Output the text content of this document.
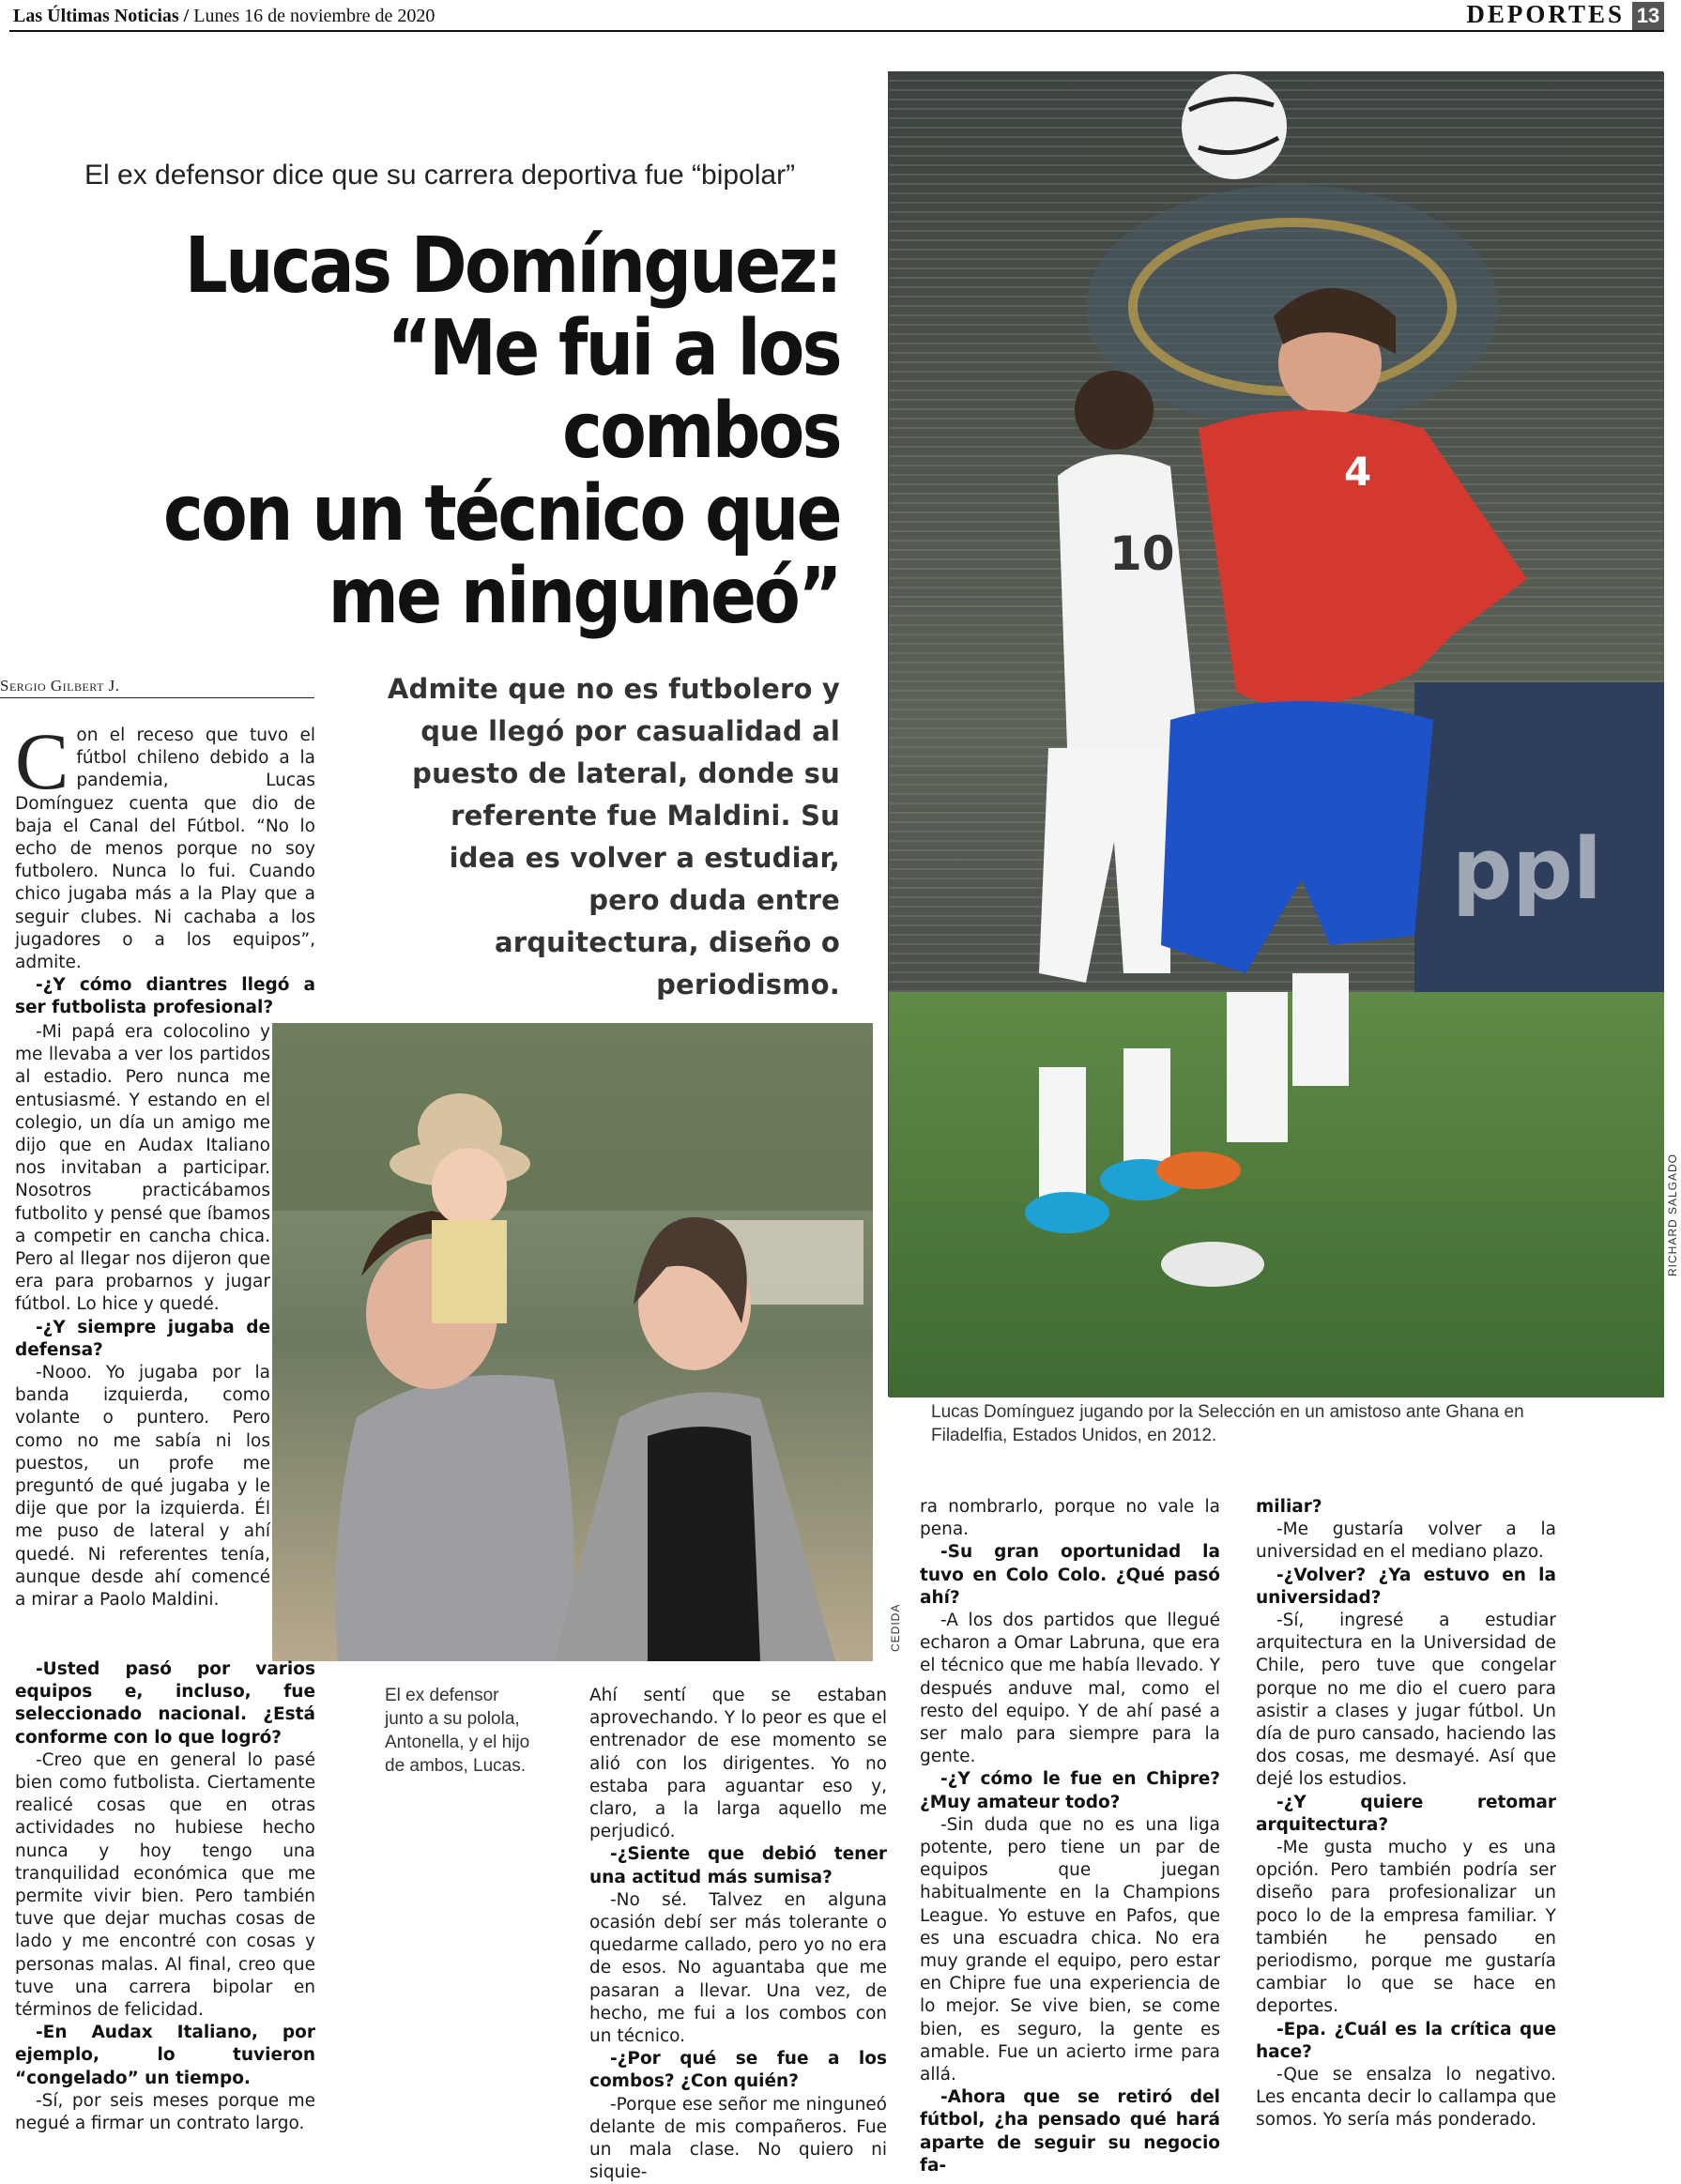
Las Últimas Noticias / Lunes 16 de noviembre de 2020	DEPORTES 13
El ex defensor dice que su carrera deportiva fue “bipolar”
Lucas Domínguez:
“Me fui a los combos
con un técnico que
me ninguneó”
Sergio Gilbert J.	Admite que no es futbolero y que llegó por casualidad al puesto de lateral, donde su referente fue Maldini. Su idea es volver a estudiar, pero duda entre arquitectura, diseño o periodismo.
ppl
10
4
RICHARD SALGADO
Lucas Domínguez jugando por la Selección en un amistoso ante Ghana en Filadelfia, Estados Unidos, en 2012.
CEDIDA
El ex defensor junto a su polola, Antonella, y el hijo de ambos, Lucas.

Con el receso que tuvo el fútbol chileno debido a la pandemia, Lucas Domínguez cuenta que dio de baja el Canal del Fútbol. “No lo echo de menos porque no soy futbolero. Nunca lo fui. Cuando chico jugaba más a la Play que a seguir clubes. Ni cachaba a los jugadores o a los equipos”, admite.

-¿Y cómo diantres llegó a ser futbolista profesional?

-Mi papá era colocolino y me llevaba a ver los partidos al estadio. Pero nunca me entusiasmé. Y estando en el colegio, un día un amigo me dijo que en Audax Italiano nos invitaban a participar. Nosotros practicábamos futbolito y pensé que íbamos a competir en cancha chica. Pero al llegar nos dijeron que era para probarnos y jugar fútbol. Lo hice y quedé.

-¿Y siempre jugaba de defensa?

-Nooo. Yo jugaba por la banda izquierda, como volante o puntero. Pero como no me sabía ni los puestos, un profe me preguntó de qué jugaba y le dije que por la izquierda. Él me puso de lateral y ahí quedé. Ni referentes tenía, aunque desde ahí comencé a mirar a Paolo Maldini.

-Usted pasó por varios equipos e, incluso, fue seleccionado nacional. ¿Está conforme con lo que logró?

-Creo que en general lo pasé bien como futbolista. Ciertamente realicé cosas que en otras actividades no hubiese hecho nunca y hoy tengo una tranquilidad económica que me permite vivir bien. Pero también tuve que dejar muchas cosas de lado y me encontré con cosas y personas malas. Al final, creo que tuve una carrera bipolar en términos de felicidad.

-En Audax Italiano, por ejemplo, lo tuvieron “congelado” un tiempo.

-Sí, por seis meses porque me negué a firmar un contrato largo.

Ahí sentí que se estaban aprovechando. Y lo peor es que el entrenador de ese momento se alió con los dirigentes. Yo no estaba para aguantar eso y, claro, a la larga aquello me perjudicó.

-¿Siente que debió tener una actitud más sumisa?

-No sé. Talvez en alguna ocasión debí ser más tolerante o quedarme callado, pero yo no era de esos. No aguantaba que me pasaran a llevar. Una vez, de hecho, me fui a los combos con un técnico.

-¿Por qué se fue a los combos? ¿Con quién?

-Porque ese señor me ninguneó delante de mis compañeros. Fue un mala clase. No quiero ni siquie-

ra nombrarlo, porque no vale la pena.

-Su gran oportunidad la tuvo en Colo Colo. ¿Qué pasó ahí?

-A los dos partidos que llegué echaron a Omar Labruna, que era el técnico que me había llevado. Y después anduve mal, como el resto del equipo. Y de ahí pasé a ser malo para siempre para la gente.

-¿Y cómo le fue en Chipre? ¿Muy amateur todo?

-Sin duda que no es una liga potente, pero tiene un par de equipos que juegan habitualmente en la Champions League. Yo estuve en Pafos, que es una escuadra chica. No era muy grande el equipo, pero estar en Chipre fue una experiencia de lo mejor. Se vive bien, se come bien, es seguro, la gente es amable. Fue un acierto irme para allá.

-Ahora que se retiró del fútbol, ¿ha pensado qué hará aparte de seguir su negocio fa-

miliar?

-Me gustaría volver a la universidad en el mediano plazo.

-¿Volver? ¿Ya estuvo en la universidad?

-Sí, ingresé a estudiar arquitectura en la Universidad de Chile, pero tuve que congelar porque no me dio el cuero para asistir a clases y jugar fútbol. Un día de puro cansado, haciendo las dos cosas, me desmayé. Así que dejé los estudios.

-¿Y quiere retomar arquitectura?

-Me gusta mucho y es una opción. Pero también podría ser diseño para profesionalizar un poco lo de la empresa familiar. Y también he pensado en periodismo, porque me gustaría cambiar lo que se hace en deportes.

-Epa. ¿Cuál es la crítica que hace?

-Que se ensalza lo negativo. Les encanta decir lo callampa que somos. Yo sería más ponderado.
